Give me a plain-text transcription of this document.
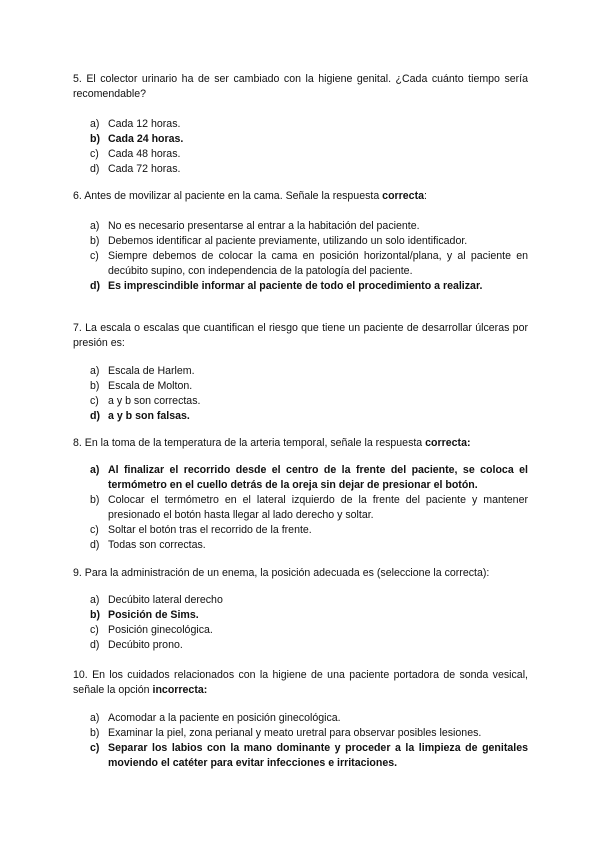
5. El colector urinario ha de ser cambiado con la higiene genital. ¿Cada cuánto tiempo sería recomendable?

a) Cada 12 horas.
b) Cada 24 horas.
c) Cada 48 horas.
d) Cada 72 horas.

6. Antes de movilizar al paciente en la cama. Señale la respuesta correcta:

a) No es necesario presentarse al entrar a la habitación del paciente.
b) Debemos identificar al paciente previamente, utilizando un solo identificador.
c) Siempre debemos de colocar la cama en posición horizontal/plana, y al paciente en decúbito supino, con independencia de la patología del paciente.
d) Es imprescindible informar al paciente de todo el procedimiento a realizar.

7. La escala o escalas que cuantifican el riesgo que tiene un paciente de desarrollar úlceras por presión es:

a) Escala de Harlem.
b) Escala de Molton.
c) a y b son correctas.
d) a y b son falsas.

8. En la toma de la temperatura de la arteria temporal, señale la respuesta correcta:

a) Al finalizar el recorrido desde el centro de la frente del paciente, se coloca el termómetro en el cuello detrás de la oreja sin dejar de presionar el botón.
b) Colocar el termómetro en el lateral izquierdo de la frente del paciente y mantener presionado el botón hasta llegar al lado derecho y soltar.
c) Soltar el botón tras el recorrido de la frente.
d) Todas son correctas.

9. Para la administración de un enema, la posición adecuada es (seleccione la correcta):

a) Decúbito lateral derecho
b) Posición de Sims.
c) Posición ginecológica.
d) Decúbito prono.

10. En los cuidados relacionados con la higiene de una paciente portadora de sonda vesical, señale la opción incorrecta:

a) Acomodar a la paciente en posición ginecológica.
b) Examinar la piel, zona perianal y meato uretral para observar posibles lesiones.
c) Separar los labios con la mano dominante y proceder a la limpieza de genitales moviendo el catéter para evitar infecciones e irritaciones.
